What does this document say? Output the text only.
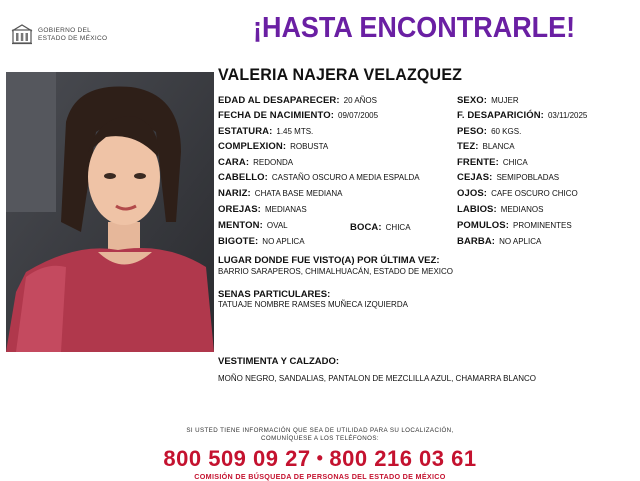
GOBIERNO DEL
ESTADO DE MÉXICO	¡HASTA ENCONTRARLE!
VALERIA NAJERA VELAZQUEZ
EDAD AL DESAPARECER: 20 AÑOS
FECHA DE NACIMIENTO: 09/07/2005
ESTATURA: 1.45 MTS.
COMPLEXION: ROBUSTA
CARA: REDONDA
CABELLO: CASTAÑO OSCURO A MEDIA ESPALDA
NARIZ: CHATA BASE MEDIANA
OREJAS: MEDIANAS
MENTON: OVAL	BOCA: CHICA
BIGOTE: NO APLICA
SEXO: MUJER
F. DESAPARICIÓN: 03/11/2025
PESO: 60 KGS.
TEZ: BLANCA
FRENTE: CHICA
CEJAS: SEMIPOBLADAS
OJOS: CAFE OSCURO CHICO
LABIOS: MEDIANOS
POMULOS: PROMINENTES
BARBA: NO APLICA
LUGAR DONDE FUE VISTO(A) POR ÚLTIMA VEZ:
BARRIO SARAPEROS, CHIMALHUACÁN, ESTADO DE MEXICO
SENAS PARTICULARES:
TATUAJE NOMBRE RAMSES MUÑECA IZQUIERDA
VESTIMENTA Y CALZADO:
MOÑO NEGRO, SANDALIAS, PANTALON DE MEZCLILLA AZUL, CHAMARRA BLANCO
SI USTED TIENE INFORMACIÓN QUE SEA DE UTILIDAD PARA SU LOCALIZACIÓN,
COMUNÍQUESE A LOS TELÉFONOS:
800 509 09 27 • 800 216 03 61
COMISIÓN DE BÚSQUEDA DE PERSONAS DEL ESTADO DE MÉXICO
